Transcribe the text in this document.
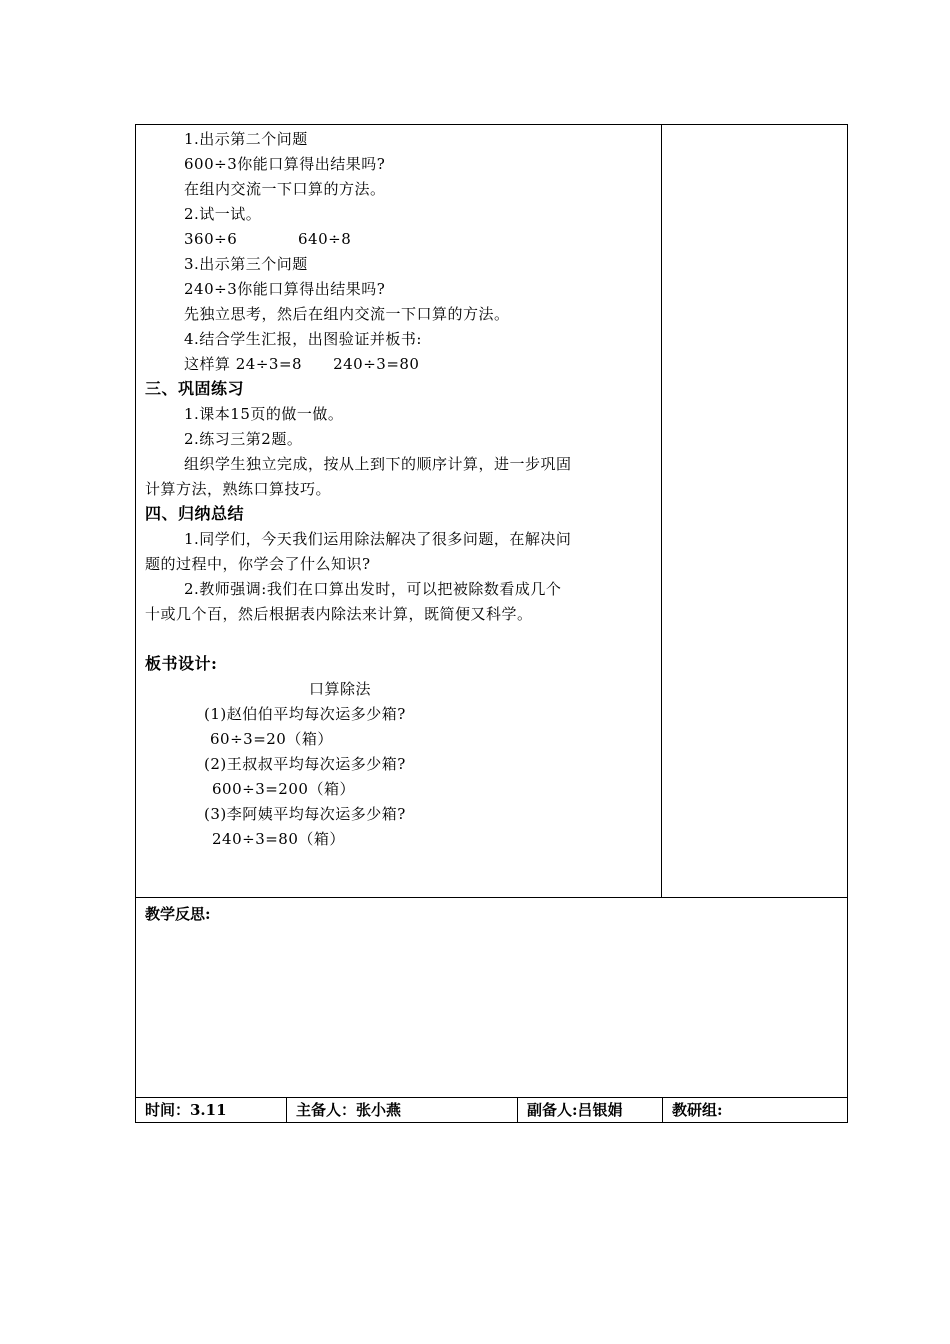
1.出示第二个问题
600÷3你能口算得出结果吗?
在组内交流一下口算的方法。
2.试一试。
360÷6	640÷8
3.出示第三个问题
240÷3你能口算得出结果吗?
先独立思考，然后在组内交流一下口算的方法。
4.结合学生汇报，出图验证并板书:
这样算 24÷3=8　　240÷3=80
三、巩固练习
1.课本15页的做一做。
2.练习三第2题。
组织学生独立完成，按从上到下的顺序计算，进一步巩固
计算方法，熟练口算技巧。
四、归纳总结
1.同学们，今天我们运用除法解决了很多问题，在解决问
题的过程中，你学会了什么知识?
2.教师强调:我们在口算出发时，可以把被除数看成几个
十或几个百，然后根据表内除法来计算，既简便又科学。
板书设计:
口算除法
(1)赵伯伯平均每次运多少箱?
60÷3=20（箱）
(2)王叔叔平均每次运多少箱?
600÷3=200（箱）
(3)李阿姨平均每次运多少箱?
240÷3=80（箱）
教学反思:
时间：3.11	主备人：张小燕	副备人:吕银娟	教研组:
